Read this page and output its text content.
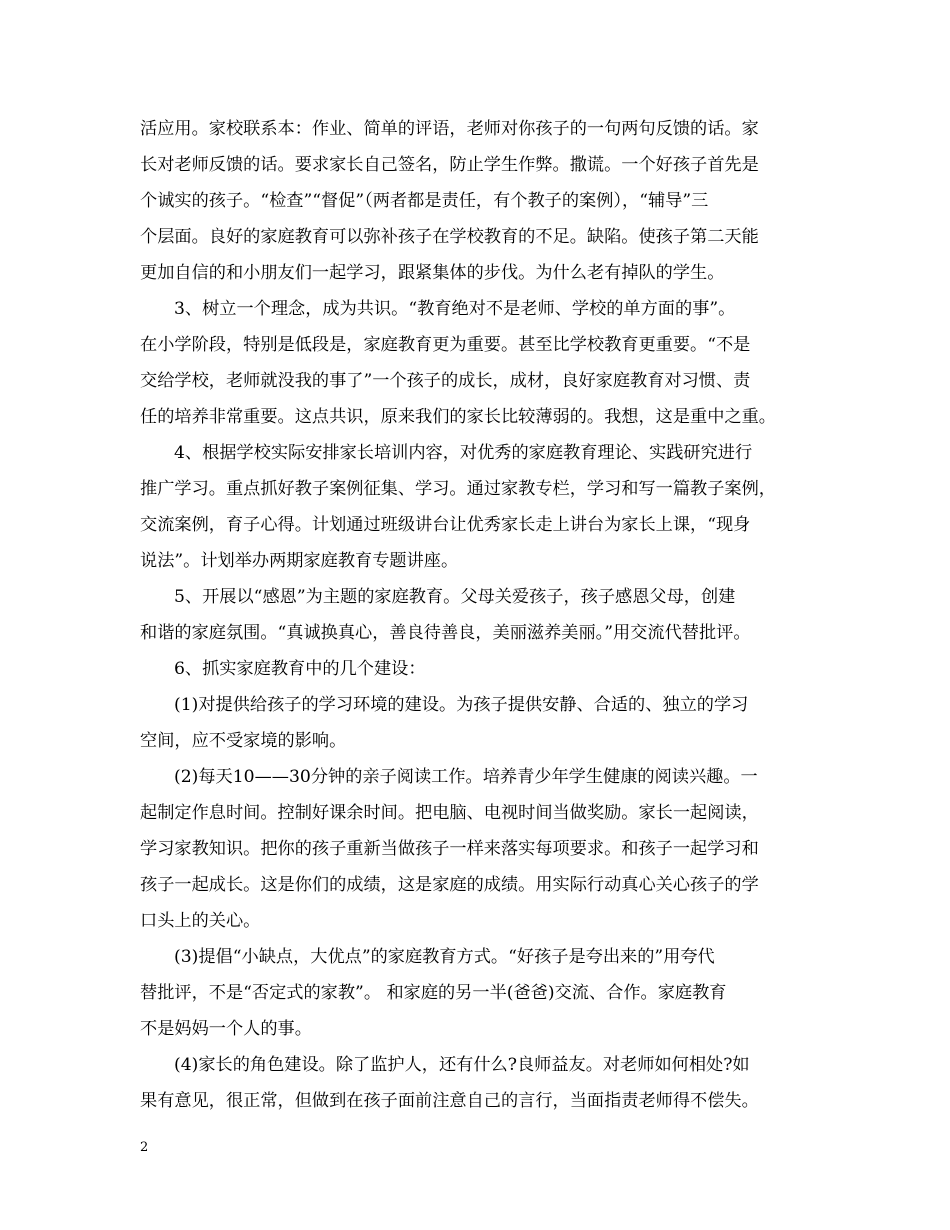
活应用。家校联系本：作业、简单的评语，老师对你孩子的一句两句反馈的话。家
长对老师反馈的话。要求家长自己签名，防止学生作弊。撒谎。一个好孩子首先是
个诚实的孩子。“检查”“督促”（两者都是责任，有个教子的案例），“辅导”三
个层面。良好的家庭教育可以弥补孩子在学校教育的不足。缺陷。使孩子第二天能
更加自信的和小朋友们一起学习，跟紧集体的步伐。为什么老有掉队的学生。
3、树立一个理念，成为共识。“教育绝对不是老师、学校的单方面的事”。
在小学阶段，特别是低段是，家庭教育更为重要。甚至比学校教育更重要。“不是
交给学校，老师就没我的事了”一个孩子的成长，成材，良好家庭教育对习惯、责
任的培养非常重要。这点共识，原来我们的家长比较薄弱的。我想，这是重中之重。
4、根据学校实际安排家长培训内容，对优秀的家庭教育理论、实践研究进行
推广学习。重点抓好教子案例征集、学习。通过家教专栏，学习和写一篇教子案例，
交流案例，育子心得。计划通过班级讲台让优秀家长走上讲台为家长上课，“现身
说法”。计划举办两期家庭教育专题讲座。
5、开展以“感恩”为主题的家庭教育。父母关爱孩子，孩子感恩父母，创建
和谐的家庭氛围。“真诚换真心，善良待善良，美丽滋养美丽。”用交流代替批评。
6、抓实家庭教育中的几个建设：
(1)对提供给孩子的学习环境的建设。为孩子提供安静、合适的、独立的学习
空间，应不受家境的影响。
(2)每天10——30分钟的亲子阅读工作。培养青少年学生健康的阅读兴趣。一
起制定作息时间。控制好课余时间。把电脑、电视时间当做奖励。家长一起阅读，
学习家教知识。把你的孩子重新当做孩子一样来落实每项要求。和孩子一起学习和
孩子一起成长。这是你们的成绩，这是家庭的成绩。用实际行动真心关心孩子的学
口头上的关心。
(3)提倡“小缺点，大优点”的家庭教育方式。“好孩子是夸出来的”用夸代
替批评，不是“否定式的家教”。 和家庭的另一半(爸爸)交流、合作。家庭教育
不是妈妈一个人的事。
(4)家长的角色建设。除了监护人，还有什么?良师益友。对老师如何相处?如
果有意见，很正常，但做到在孩子面前注意自己的言行，当面指责老师得不偿失。
2
